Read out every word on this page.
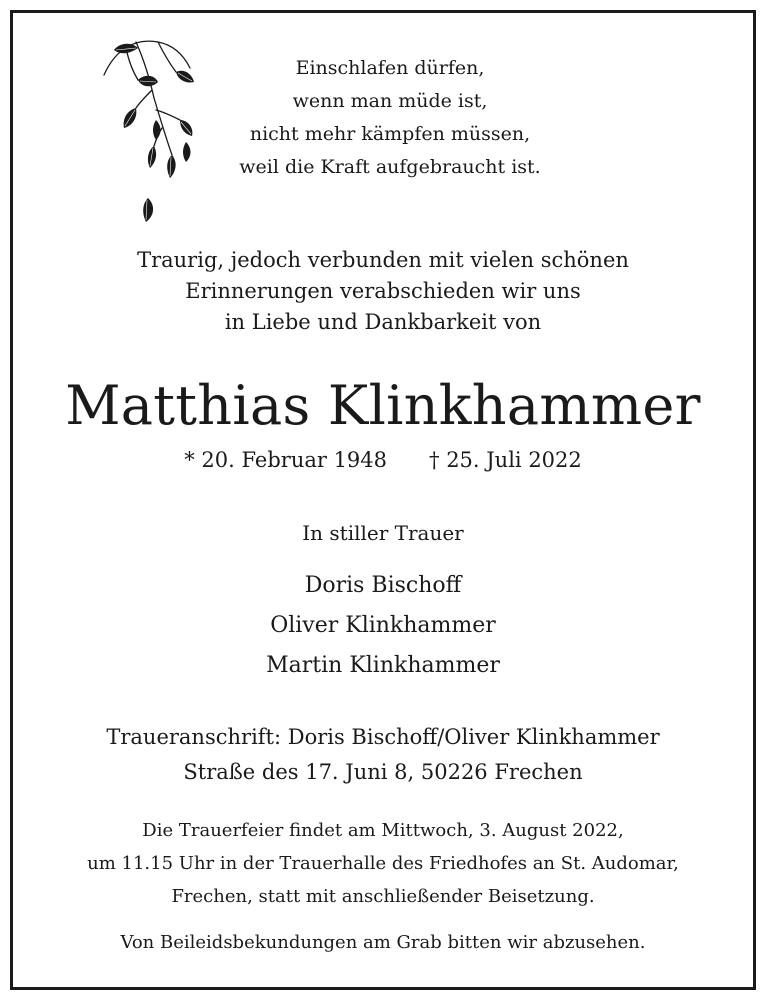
Einschlafen dürfen,
wenn man müde ist,
nicht mehr kämpfen müssen,
weil die Kraft aufgebraucht ist.
Traurig, jedoch verbunden mit vielen schönen
Erinnerungen verabschieden wir uns
in Liebe und Dankbarkeit von
Matthias Klinkhammer
* 20. Februar 1948 † 25. Juli 2022
In stiller Trauer
Doris Bischoff
Oliver Klinkhammer
Martin Klinkhammer
Traueranschrift: Doris Bischoff/Oliver Klinkhammer
Straße des 17. Juni 8, 50226 Frechen
Die Trauerfeier findet am Mittwoch, 3. August 2022,
um 11.15 Uhr in der Trauerhalle des Friedhofes an St. Audomar,
Frechen, statt mit anschließender Beisetzung.
Von Beileidsbekundungen am Grab bitten wir abzusehen.
